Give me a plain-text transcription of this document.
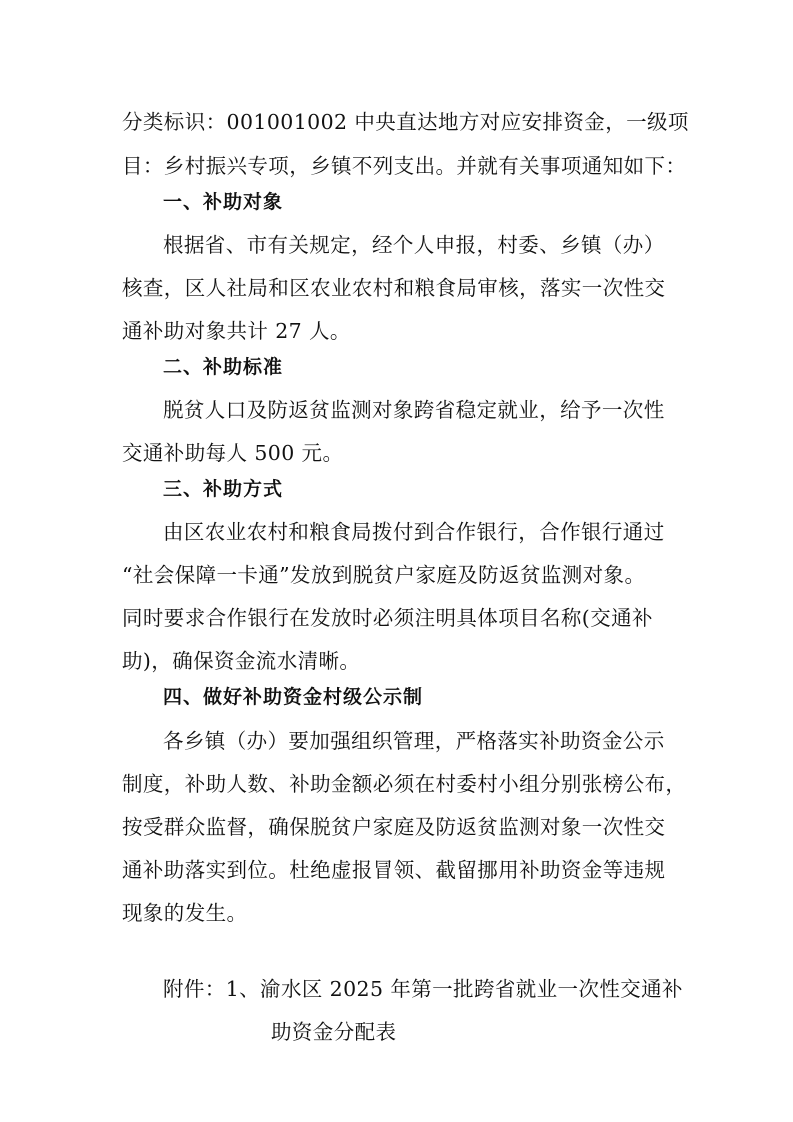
分类标识：001001002 中央直达地方对应安排资金，一级项
目：乡村振兴专项，乡镇不列支出。并就有关事项通知如下：
一、补助对象
根据省、市有关规定，经个人申报，村委、乡镇（办）
核查，区人社局和区农业农村和粮食局审核，落实一次性交
通补助对象共计 27 人。
二、补助标准
脱贫人口及防返贫监测对象跨省稳定就业，给予一次性
交通补助每人 500 元。
三、补助方式
由区农业农村和粮食局拨付到合作银行，合作银行通过
“社会保障一卡通”发放到脱贫户家庭及防返贫监测对象。
同时要求合作银行在发放时必须注明具体项目名称(交通补
助)，确保资金流水清晰。
四、做好补助资金村级公示制
各乡镇（办）要加强组织管理，严格落实补助资金公示
制度，补助人数、补助金额必须在村委村小组分别张榜公布，
按受群众监督，确保脱贫户家庭及防返贫监测对象一次性交
通补助落实到位。杜绝虚报冒领、截留挪用补助资金等违规
现象的发生。
附件：1、渝水区 2025 年第一批跨省就业一次性交通补
助资金分配表
